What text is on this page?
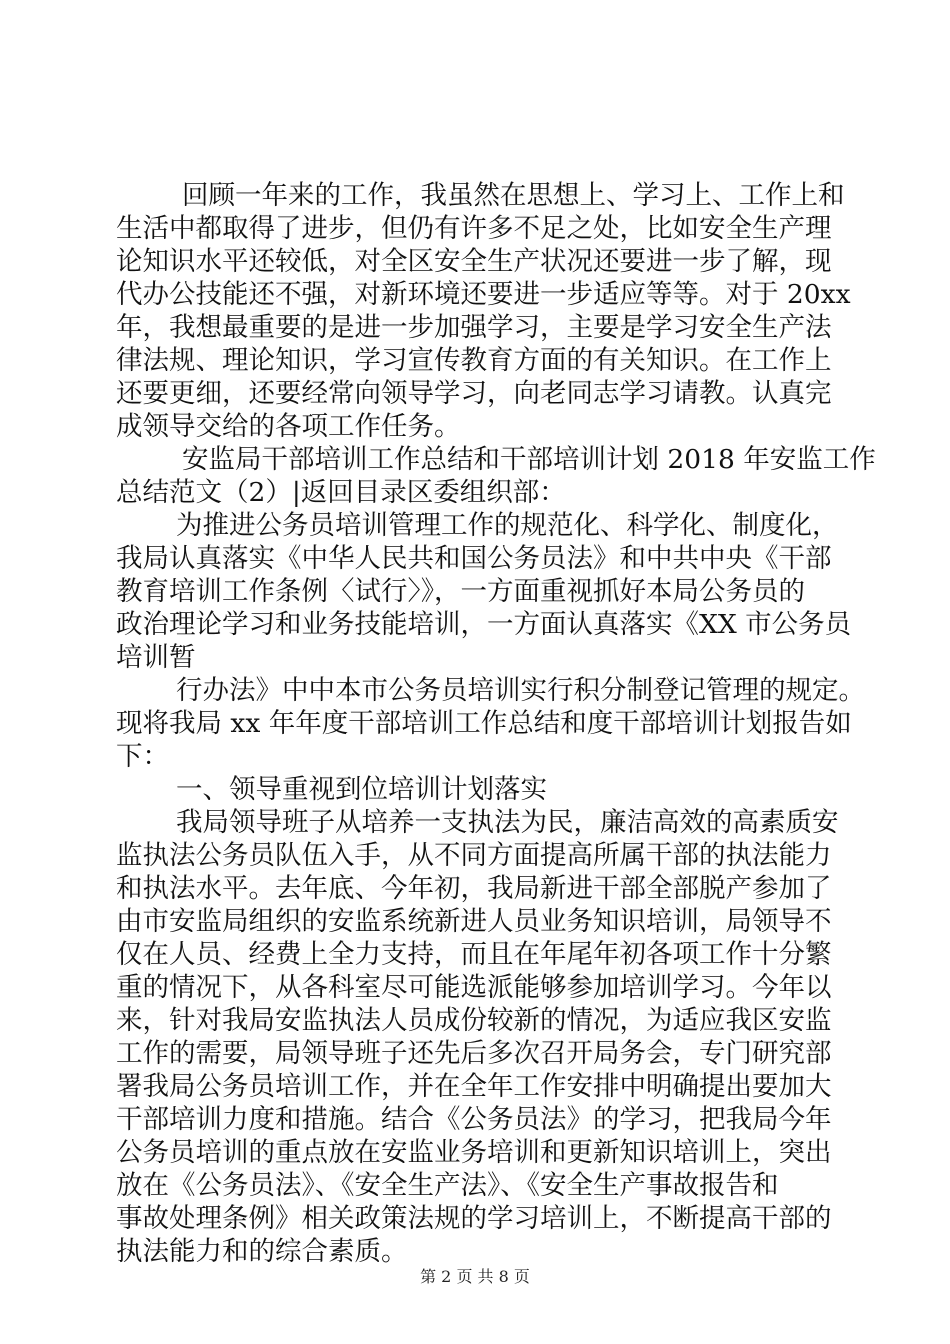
回顾一年来的工作，我虽然在思想上、学习上、工作上和
生活中都取得了进步，但仍有许多不足之处，比如安全生产理
论知识水平还较低，对全区安全生产状况还要进一步了解，现
代办公技能还不强，对新环境还要进一步适应等等。对于 20xx
年，我想最重要的是进一步加强学习，主要是学习安全生产法
律法规、理论知识，学习宣传教育方面的有关知识。在工作上
还要更细，还要经常向领导学习，向老同志学习请教。认真完
成领导交给的各项工作任务。
安监局干部培训工作总结和干部培训计划 2018 年安监工作
总结范文（2）|返回目录区委组织部：
为推进公务员培训管理工作的规范化、科学化、制度化，
我局认真落实《中华人民共和国公务员法》和中共中央《干部
教育培训工作条例〈试行〉》，一方面重视抓好本局公务员的
政治理论学习和业务技能培训，一方面认真落实《XX 市公务员
培训暂
行办法》中中本市公务员培训实行积分制登记管理的规定。
现将我局 xx 年年度干部培训工作总结和度干部培训计划报告如
下：
一、领导重视到位培训计划落实
我局领导班子从培养一支执法为民，廉洁高效的高素质安
监执法公务员队伍入手，从不同方面提高所属干部的执法能力
和执法水平。去年底、今年初，我局新进干部全部脱产参加了
由市安监局组织的安监系统新进人员业务知识培训，局领导不
仅在人员、经费上全力支持，而且在年尾年初各项工作十分繁
重的情况下，从各科室尽可能选派能够参加培训学习。今年以
来，针对我局安监执法人员成份较新的情况，为适应我区安监
工作的需要，局领导班子还先后多次召开局务会，专门研究部
署我局公务员培训工作，并在全年工作安排中明确提出要加大
干部培训力度和措施。结合《公务员法》的学习，把我局今年
公务员培训的重点放在安监业务培训和更新知识培训上，突出
放在《公务员法》、《安全生产法》、《安全生产事故报告和
事故处理条例》相关政策法规的学习培训上，不断提高干部的
执法能力和的综合素质。
第 2 页 共 8 页
